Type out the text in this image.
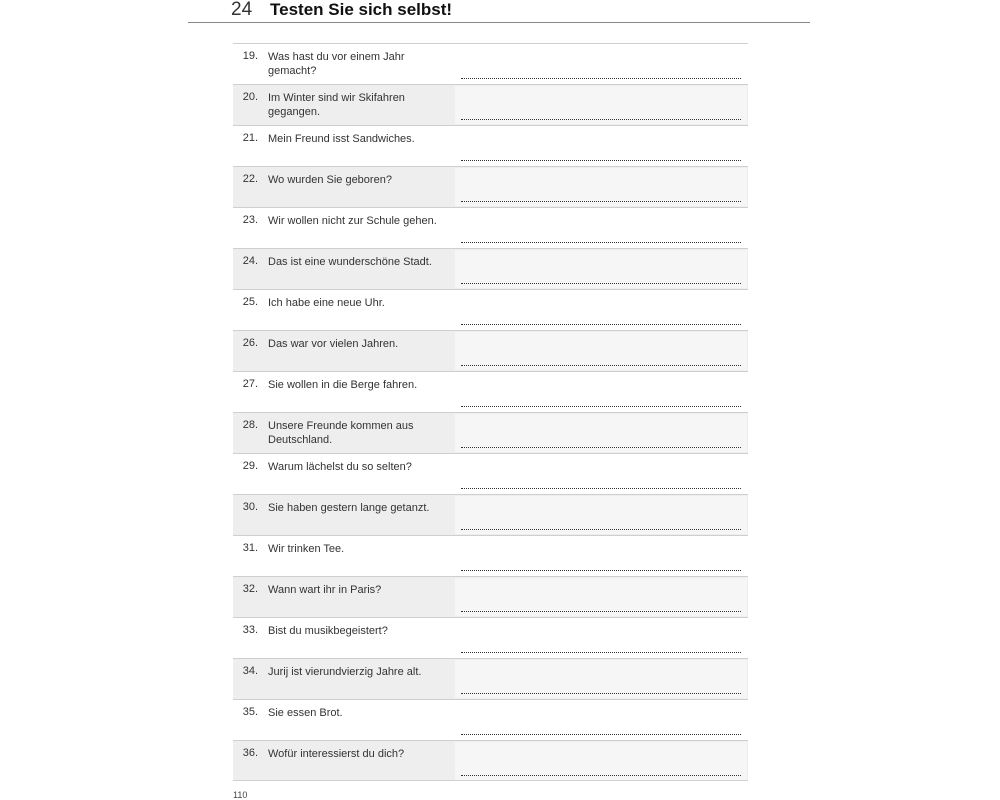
24 Testen Sie sich selbst!
19. Was hast du vor einem Jahr gemacht?
20. Im Winter sind wir Skifahren gegangen.
21. Mein Freund isst Sandwiches.
22. Wo wurden Sie geboren?
23. Wir wollen nicht zur Schule gehen.
24. Das ist eine wunderschöne Stadt.
25. Ich habe eine neue Uhr.
26. Das war vor vielen Jahren.
27. Sie wollen in die Berge fahren.
28. Unsere Freunde kommen aus Deutschland.
29. Warum lächelst du so selten?
30. Sie haben gestern lange getanzt.
31. Wir trinken Tee.
32. Wann wart ihr in Paris?
33. Bist du musikbegeistert?
34. Jurij ist vierundvierzig Jahre alt.
35. Sie essen Brot.
36. Wofür interessierst du dich?
110
